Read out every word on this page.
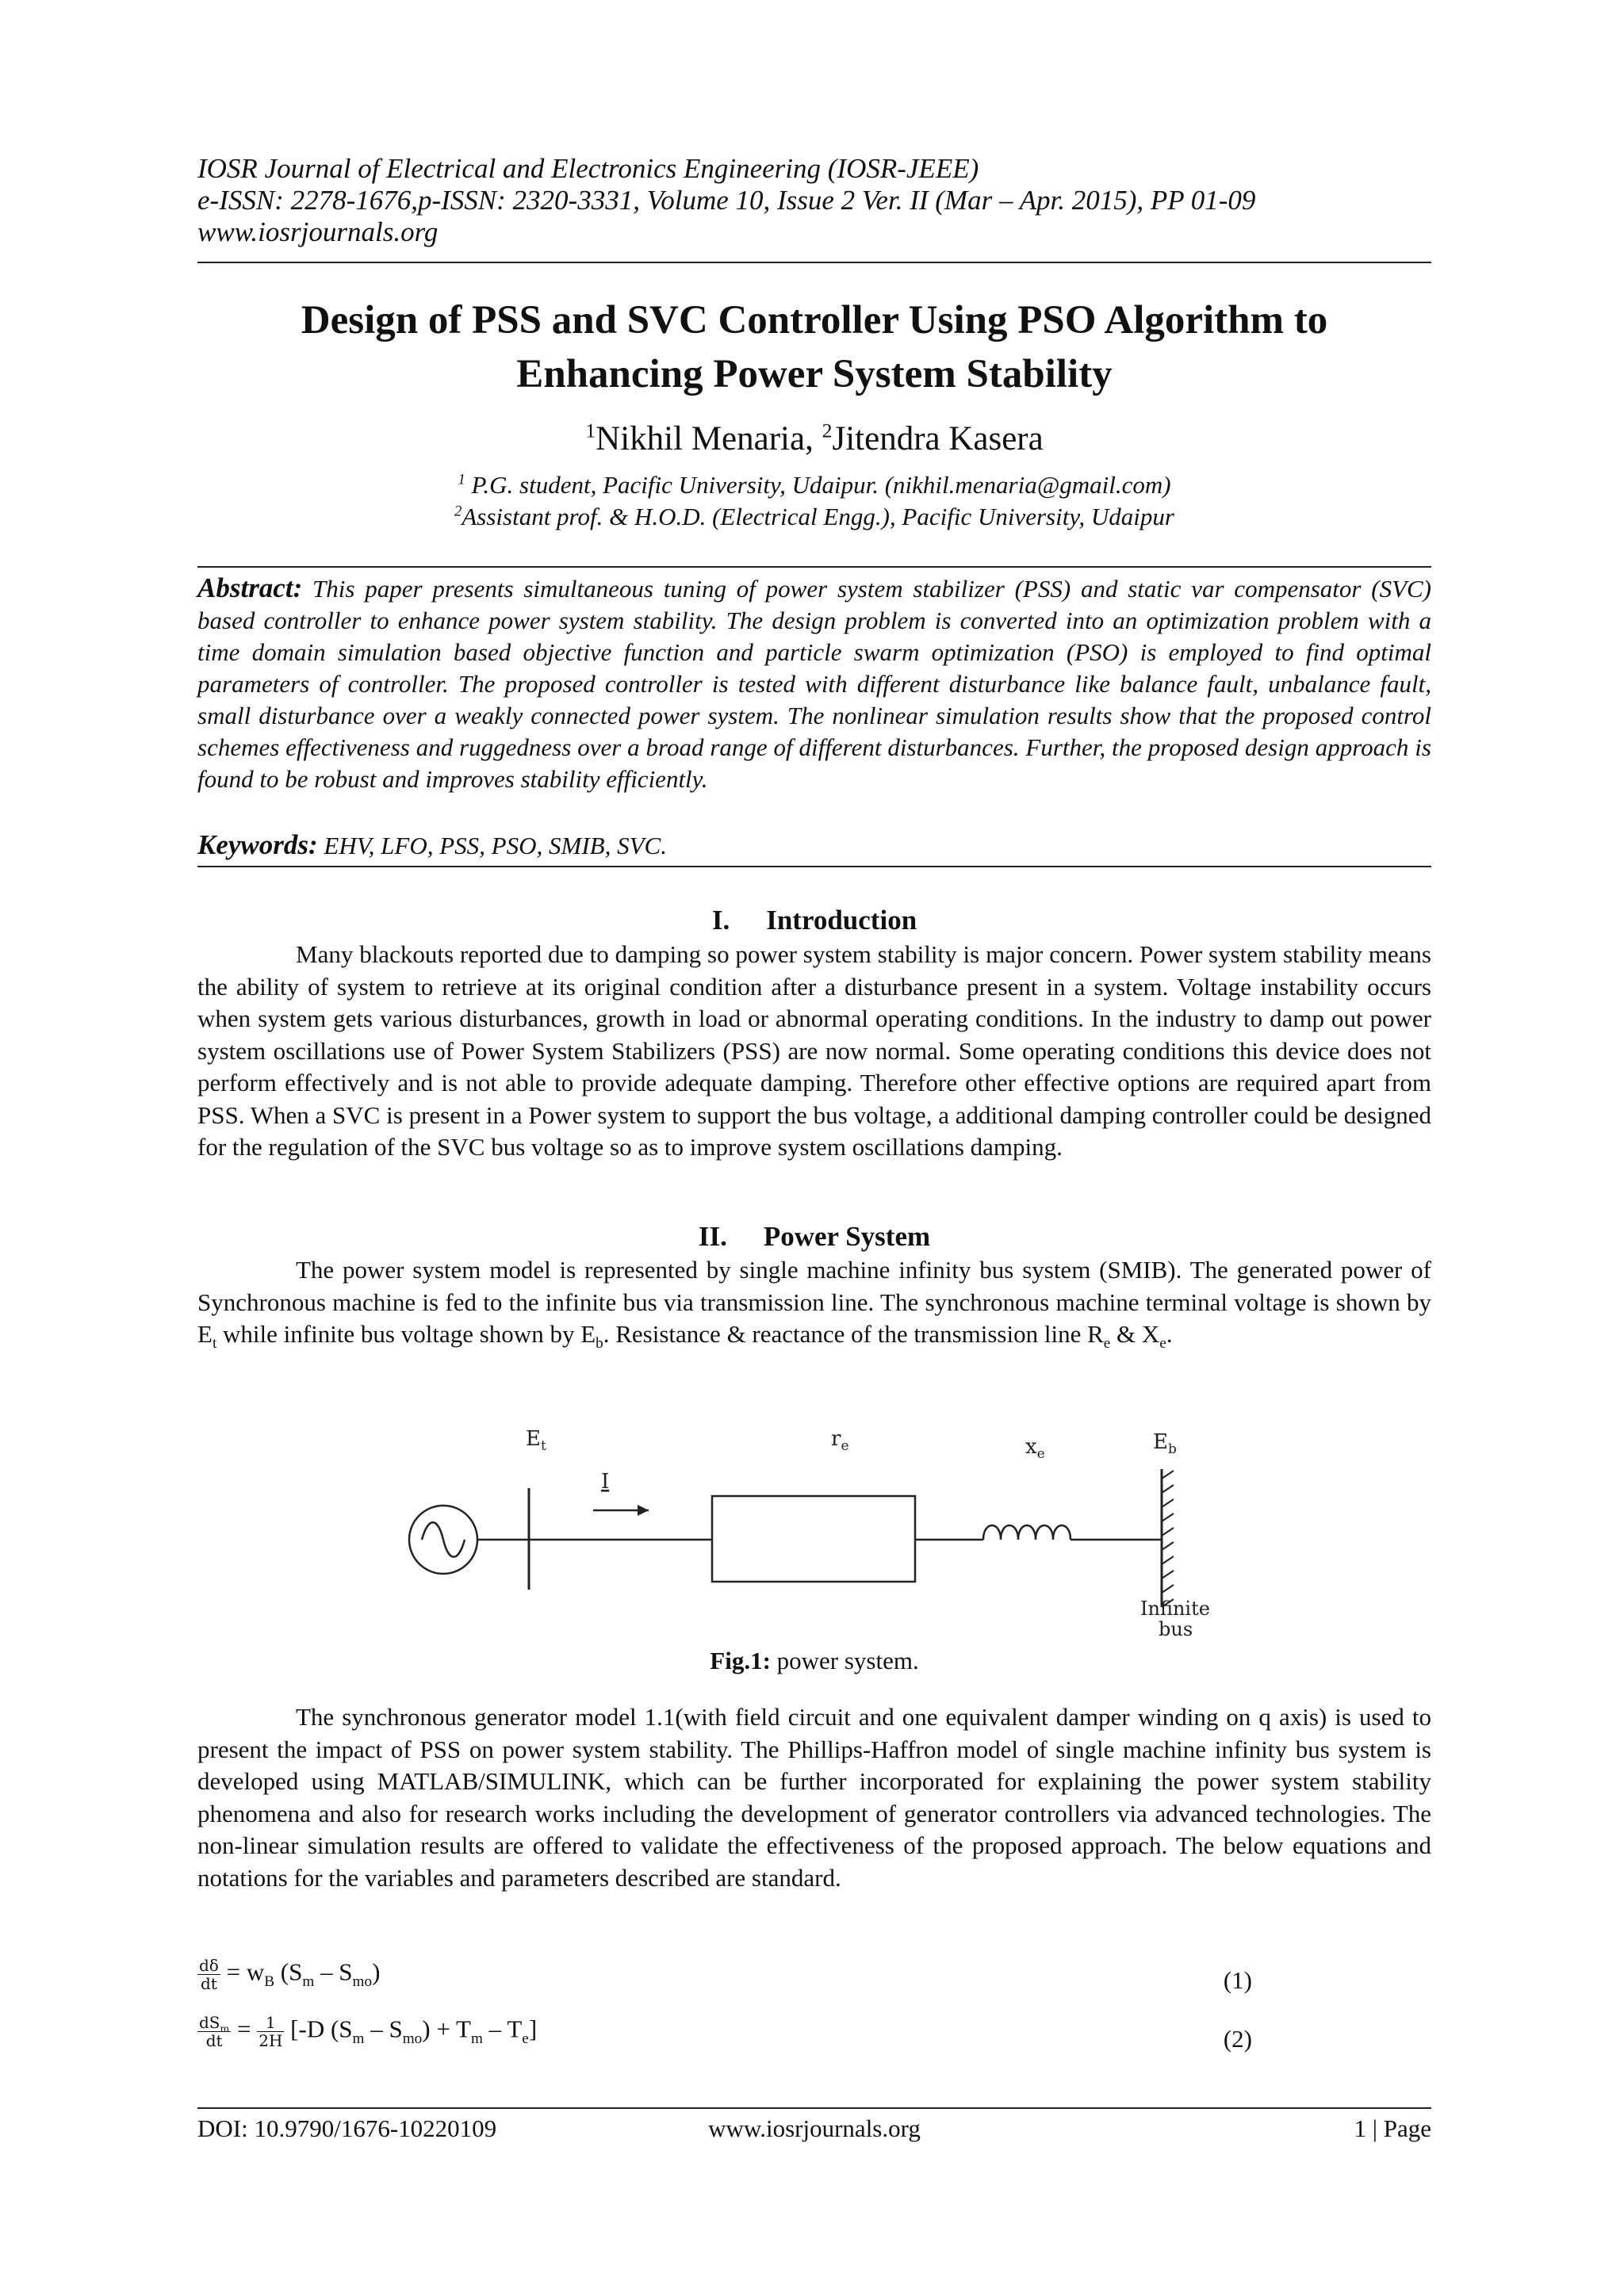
IOSR Journal of Electrical and Electronics Engineering (IOSR-JEEE)
e-ISSN: 2278-1676,p-ISSN: 2320-3331, Volume 10, Issue 2 Ver. II (Mar – Apr. 2015), PP 01-09
www.iosrjournals.org
Design of PSS and SVC Controller Using PSO Algorithm to
Enhancing Power System Stability
$^1$Nikhil Menaria, $^2$Jitendra Kasera
$^1$ P.G. student, Pacific University, Udaipur. (nikhil.menaria@gmail.com)
$^2$Assistant prof. & H.O.D. (Electrical Engg.), Pacific University, Udaipur
Abstract: This paper presents simultaneous tuning of power system stabilizer (PSS) and static var compensator (SVC) based controller to enhance power system stability. The design problem is converted into an optimization problem with a time domain simulation based objective function and particle swarm optimization (PSO) is employed to find optimal parameters of controller. The proposed controller is tested with different disturbance like balance fault, unbalance fault, small disturbance over a weakly connected power system. The nonlinear simulation results show that the proposed control schemes effectiveness and ruggedness over a broad range of different disturbances. Further, the proposed design approach is found to be robust and improves stability efficiently.
Keywords: EHV, LFO, PSS, PSO, SMIB, SVC.
I. Introduction
Many blackouts reported due to damping so power system stability is major concern. Power system stability means the ability of system to retrieve at its original condition after a disturbance present in a system. Voltage instability occurs when system gets various disturbances, growth in load or abnormal operating conditions. In the industry to damp out power system oscillations use of Power System Stabilizers (PSS) are now normal. Some operating conditions this device does not perform effectively and is not able to provide adequate damping. Therefore other effective options are required apart from PSS. When a SVC is present in a Power system to support the bus voltage, a additional damping controller could be designed for the regulation of the SVC bus voltage so as to improve system oscillations damping.
II. Power System
The power system model is represented by single machine infinity bus system (SMIB). The generated power of Synchronous machine is fed to the infinite bus via transmission line. The synchronous machine terminal voltage is shown by $E_t$ while infinite bus voltage shown by $E_b$. Resistance & reactance of the transmission line $R_e$ & $X_e$.
$E_t$
I
$r_e$	$x_e$	$E_b$
Infinite
bus
Fig.1: power system.
The synchronous generator model 1.1(with field circuit and one equivalent damper winding on q axis) is used to present the impact of PSS on power system stability. The Phillips-Haffron model of single machine infinity bus system is developed using MATLAB/SIMULINK, which can be further incorporated for explaining the power system stability phenomena and also for research works including the development of generator controllers via advanced technologies. The non-linear simulation results are offered to validate the effectiveness of the proposed approach. The below equations and notations for the variables and parameters described are standard.
$\frac{d\delta}{dt} = w_B$ $(S_m - S_{mo})$	(1)
$\frac{dS_m}{dt} = \frac{1}{2H} [-D$ $(S_m - S_{mo}) + T_m - T_e$]	(2)
DOI: 10.9790/1676-10220109	www.iosrjournals.org	1 | Page
